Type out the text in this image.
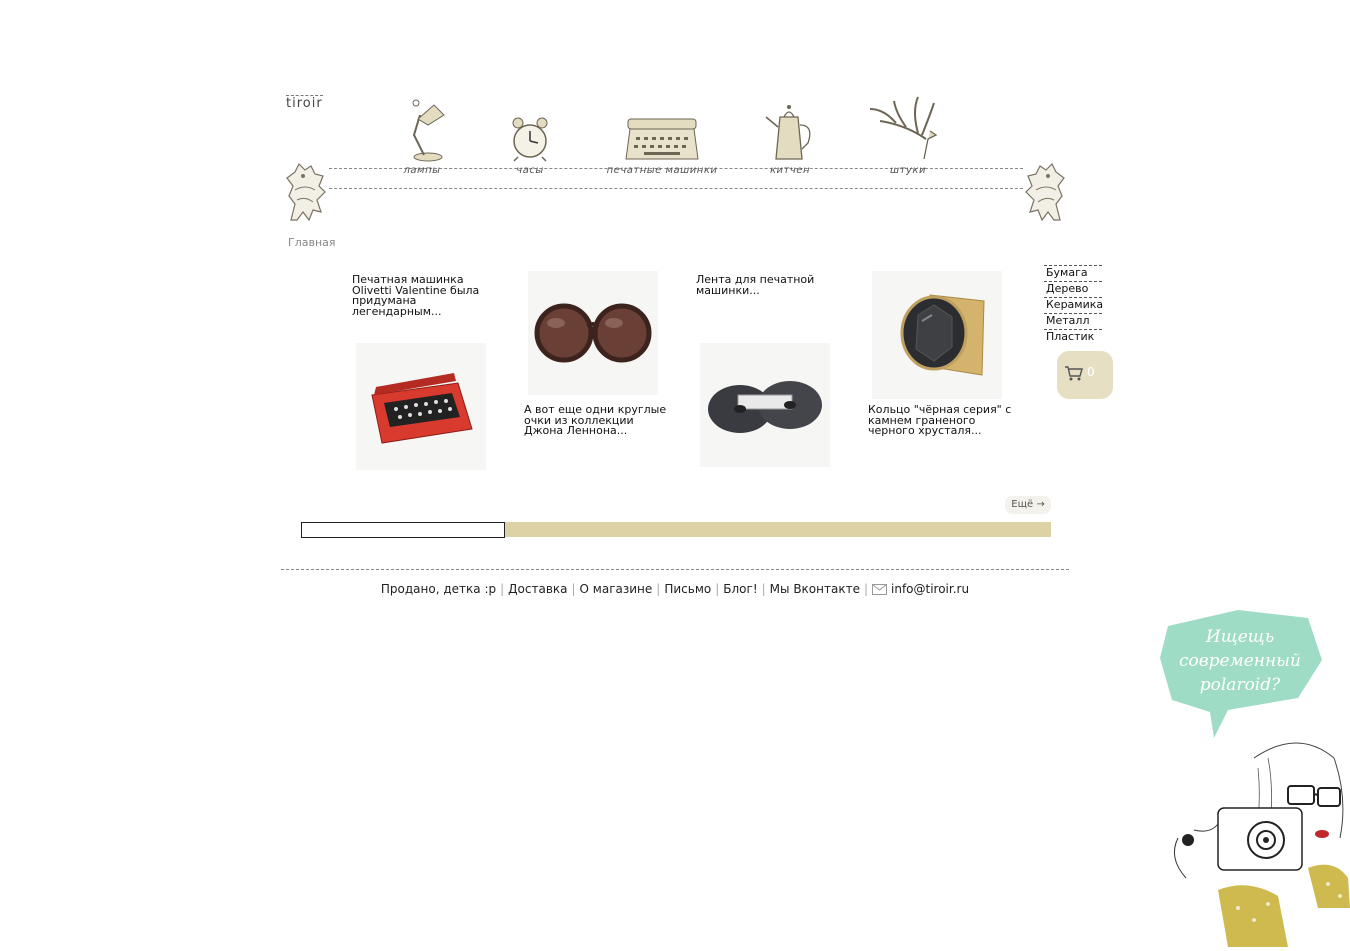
tiroir
лампы	часы	печатные машинки	китчен	штуки
Главная
Печатная машинка Olivetti Valentine была придумана легендарным...
А вот еще одни круглые очки из коллекции Джона Леннона...
Лента для печатной машинки...
Кольцо "чёрная серия" с камнем граненого черного хрусталя...
Бумага
Дерево
Керамика
Металл
Пластик
0
Ещё →
Продано, детка :р | Доставка | О магазине | Письмо | Блог! | Мы Вконтакте | info@tiroir.ru
Ищещь
современный
polaroid?
